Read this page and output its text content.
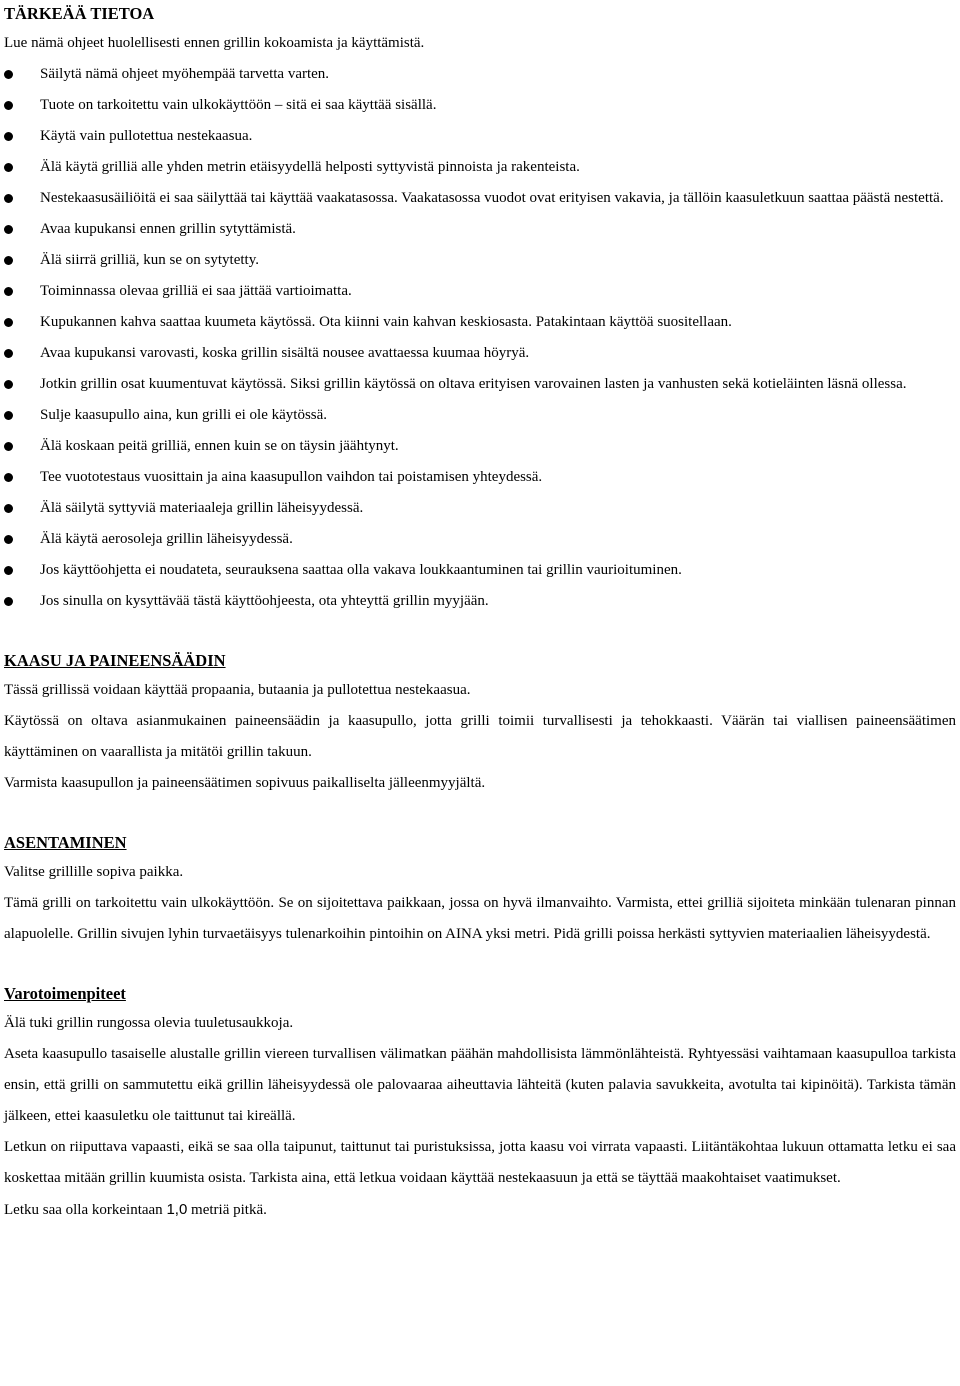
TÄRKEÄÄ TIETOA

Lue nämä ohjeet huolellisesti ennen grillin kokoamista ja käyttämistä.

Säilytä nämä ohjeet myöhempää tarvetta varten.
Tuote on tarkoitettu vain ulkokäyttöön – sitä ei saa käyttää sisällä.
Käytä vain pullotettua nestekaasua.
Älä käytä grilliä alle yhden metrin etäisyydellä helposti syttyvistä pinnoista ja rakenteista.
Nestekaasusäiliöitä ei saa säilyttää tai käyttää vaakatasossa. Vaakatasossa vuodot ovat erityisen vakavia, ja tällöin kaasuletkuun saattaa päästä nestettä.
Avaa kupukansi ennen grillin sytyttämistä.
Älä siirrä grilliä, kun se on sytytetty.
Toiminnassa olevaa grilliä ei saa jättää vartioimatta.
Kupukannen kahva saattaa kuumeta käytössä. Ota kiinni vain kahvan keskiosasta. Patakintaan käyttöä suositellaan.
Avaa kupukansi varovasti, koska grillin sisältä nousee avattaessa kuumaa höyryä.
Jotkin grillin osat kuumentuvat käytössä. Siksi grillin käytössä on oltava erityisen varovainen lasten ja vanhusten sekä kotieläinten läsnä ollessa.
Sulje kaasupullo aina, kun grilli ei ole käytössä.
Älä koskaan peitä grilliä, ennen kuin se on täysin jäähtynyt.
Tee vuototestaus vuosittain ja aina kaasupullon vaihdon tai poistamisen yhteydessä.
Älä säilytä syttyviä materiaaleja grillin läheisyydessä.
Älä käytä aerosoleja grillin läheisyydessä.
Jos käyttöohjetta ei noudateta, seurauksena saattaa olla vakava loukkaantuminen tai grillin vaurioituminen.
Jos sinulla on kysyttävää tästä käyttöohjeesta, ota yhteyttä grillin myyjään.
KAASU JA PAINEENSÄÄDIN

Tässä grillissä voidaan käyttää propaania, butaania ja pullotettua nestekaasua.

Käytössä on oltava asianmukainen paineensäädin ja kaasupullo, jotta grilli toimii turvallisesti ja tehokkaasti. Väärän tai viallisen paineensäätimen käyttäminen on vaarallista ja mitätöi grillin takuun.

Varmista kaasupullon ja paineensäätimen sopivuus paikalliselta jälleenmyyjältä.

ASENTAMINEN

Valitse grillille sopiva paikka.

Tämä grilli on tarkoitettu vain ulkokäyttöön. Se on sijoitettava paikkaan, jossa on hyvä ilmanvaihto. Varmista, ettei grilliä sijoiteta minkään tulenaran pinnan alapuolelle. Grillin sivujen lyhin turvaetäisyys tulenarkoihin pintoihin on AINA yksi metri. Pidä grilli poissa herkästi syttyvien materiaalien läheisyydestä.

Varotoimenpiteet

Älä tuki grillin rungossa olevia tuuletusaukkoja.

Aseta kaasupullo tasaiselle alustalle grillin viereen turvallisen välimatkan päähän mahdollisista lämmönlähteistä. Ryhtyessäsi vaihtamaan kaasupulloa tarkista ensin, että grilli on sammutettu eikä grillin läheisyydessä ole palovaaraa aiheuttavia lähteitä (kuten palavia savukkeita, avotulta tai kipinöitä). Tarkista tämän jälkeen, ettei kaasuletku ole taittunut tai kireällä.

Letkun on riiputtava vapaasti, eikä se saa olla taipunut, taittunut tai puristuksissa, jotta kaasu voi virrata vapaasti. Liitäntäkohtaa lukuun ottamatta letku ei saa koskettaa mitään grillin kuumista osista. Tarkista aina, että letkua voidaan käyttää nestekaasuun ja että se täyttää maakohtaiset vaatimukset.

Letku saa olla korkeintaan 1,0 metriä pitkä.
